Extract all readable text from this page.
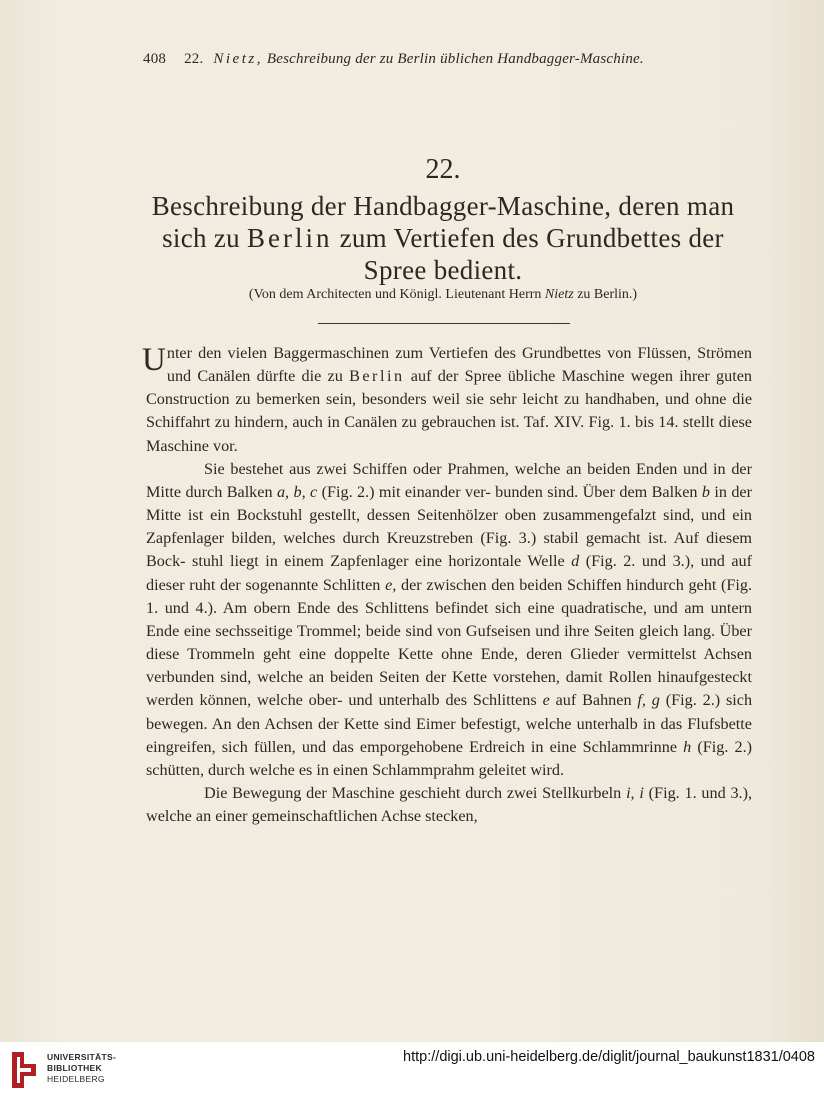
408 22. Nietz, Beschreibung der zu Berlin üblichen Handbagger-Maschine.
22.
Beschreibung der Handbagger-Maschine, deren man sich zu Berlin zum Vertiefen des Grundbettes der Spree bedient.
(Von dem Architecten und Königl. Lieutenant Herrn Nietz zu Berlin.)

Unter den vielen Baggermaschinen zum Vertiefen des Grundbettes von Flüssen, Strömen und Canälen dürfte die zu Berlin auf der Spree übliche Maschine wegen ihrer guten Construction zu bemerken sein, besonders weil sie sehr leicht zu handhaben, und ohne die Schiffahrt zu hindern, auch in Canälen zu gebrauchen ist. Taf. XIV. Fig. 1. bis 14. stellt diese Maschine vor.

Sie bestehet aus zwei Schiffen oder Prahmen, welche an beiden Enden und in der Mitte durch Balken a, b, c (Fig. 2.) mit einander ver- bunden sind. Über dem Balken b in der Mitte ist ein Bockstuhl gestellt, dessen Seitenhölzer oben zusammengefalzt sind, und ein Zapfenlager bilden, welches durch Kreuzstreben (Fig. 3.) stabil gemacht ist. Auf diesem Bock- stuhl liegt in einem Zapfenlager eine horizontale Welle d (Fig. 2. und 3.), und auf dieser ruht der sogenannte Schlitten e, der zwischen den beiden Schiffen hindurch geht (Fig. 1. und 4.). Am obern Ende des Schlittens befindet sich eine quadratische, und am untern Ende eine sechsseitige Trommel; beide sind von Gufseisen und ihre Seiten gleich lang. Über diese Trommeln geht eine doppelte Kette ohne Ende, deren Glieder vermittelst Achsen verbunden sind, welche an beiden Seiten der Kette vorstehen, damit Rollen hinaufgesteckt werden können, welche ober- und unterhalb des Schlittens e auf Bahnen f, g (Fig. 2.) sich bewegen. An den Achsen der Kette sind Eimer befestigt, welche unterhalb in das Flufsbette eingreifen, sich füllen, und das emporgehobene Erdreich in eine Schlammrinne h (Fig. 2.) schütten, durch welche es in einen Schlammprahm geleitet wird.

Die Bewegung der Maschine geschieht durch zwei Stellkurbeln i, i (Fig. 1. und 3.), welche an einer gemeinschaftlichen Achse stecken,

UNIVERSITÄTS-
BIBLIOTHEK
HEIDELBERG
http://digi.ub.uni-heidelberg.de/diglit/journal_baukunst1831/0408
